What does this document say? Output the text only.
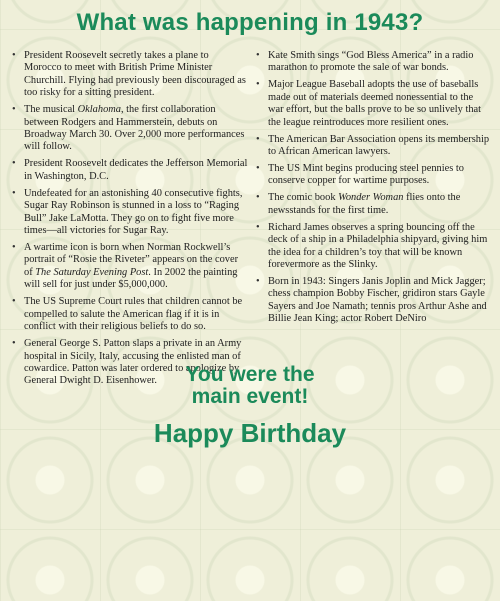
What was happening in 1943?
• President Roosevelt secretly takes a plane to Morocco to meet with British Prime Minister Churchill. Flying had previously been discouraged as too risky for a sitting president.
• The musical Oklahoma, the first collaboration between Rodgers and Hammerstein, debuts on Broadway March 30. Over 2,000 more performances will follow.
• President Roosevelt dedicates the Jefferson Memorial in Washington, D.C.
• Undefeated for an astonishing 40 consecutive fights, Sugar Ray Robinson is stunned in a loss to “Raging Bull” Jake LaMotta. They go on to fight five more times—all victories for Sugar Ray.
• A wartime icon is born when Norman Rockwell’s portrait of “Rosie the Riveter” appears on the cover of The Saturday Evening Post. In 2002 the painting will sell for just under $5,000,000.
• The US Supreme Court rules that children cannot be compelled to salute the American flag if it is in conflict with their religious beliefs to do so.
• General George S. Patton slaps a private in an Army hospital in Sicily, Italy, accusing the enlisted man of cowardice. Patton was later ordered to apologize by General Dwight D. Eisenhower.
• Kate Smith sings “God Bless America” in a radio marathon to promote the sale of war bonds.
• Major League Baseball adopts the use of baseballs made out of materials deemed nonessential to the war effort, but the balls prove to be so unlively that the league reintroduces more resilient ones.
• The American Bar Association opens its membership to African American lawyers.
• The US Mint begins producing steel pennies to conserve copper for wartime purposes.
• The comic book Wonder Woman flies onto the newsstands for the first time.
• Richard James observes a spring bouncing off the deck of a ship in a Philadelphia shipyard, giving him the idea for a children’s toy that will be known forevermore as the Slinky.
• Born in 1943: Singers Janis Joplin and Mick Jagger; chess champion Bobby Fischer, gridiron stars Gayle Sayers and Joe Namath; tennis pros Arthur Ashe and Billie Jean King; actor Robert DeNiro
You were the
main event!
Happy Birthday
